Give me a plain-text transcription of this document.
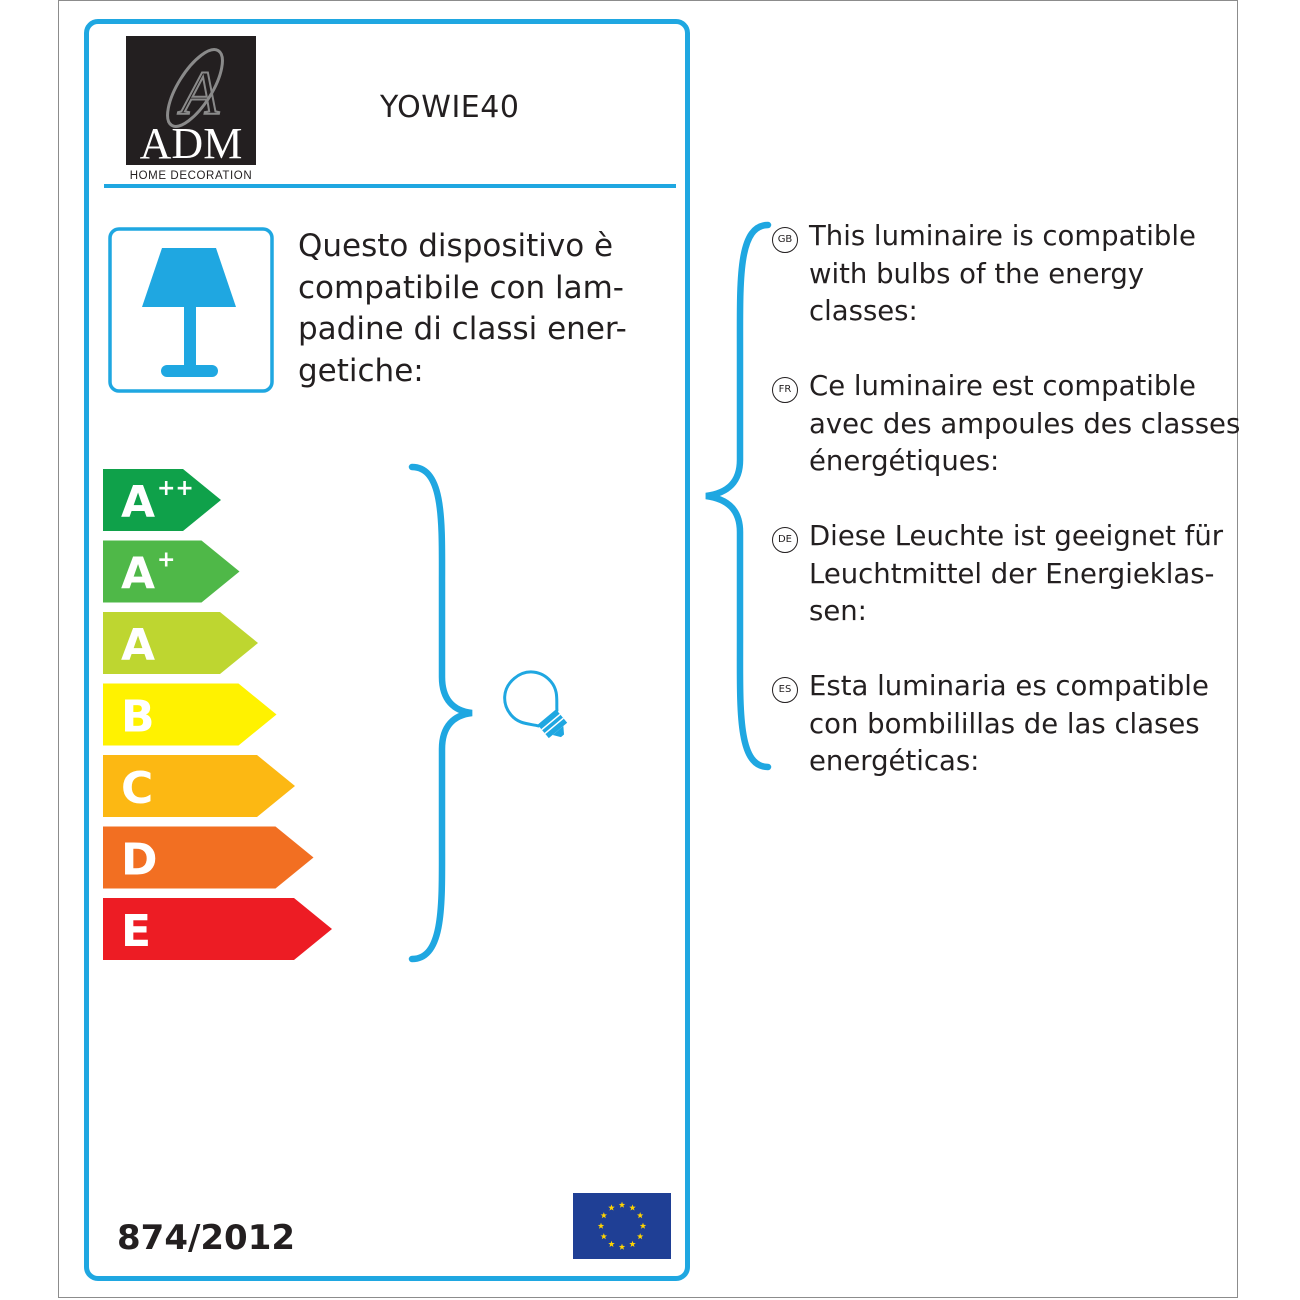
A
ADM
HOME DECORATION
YOWIE40
Questo dispositivo è
compatibile con lam-
padine di classi ener-
getiche:
A ++
A +
A
B
C
D
E
874/2012
GB This luminaire is compatible
with bulbs of the energy
classes:
FR Ce luminaire est compatible
avec des ampoules des classes
énergétiques:
DE Diese Leuchte ist geeignet für
Leuchtmittel der Energieklas-
sen:
ES Esta luminaria es compatible
con bombilillas de las clases
energéticas:
